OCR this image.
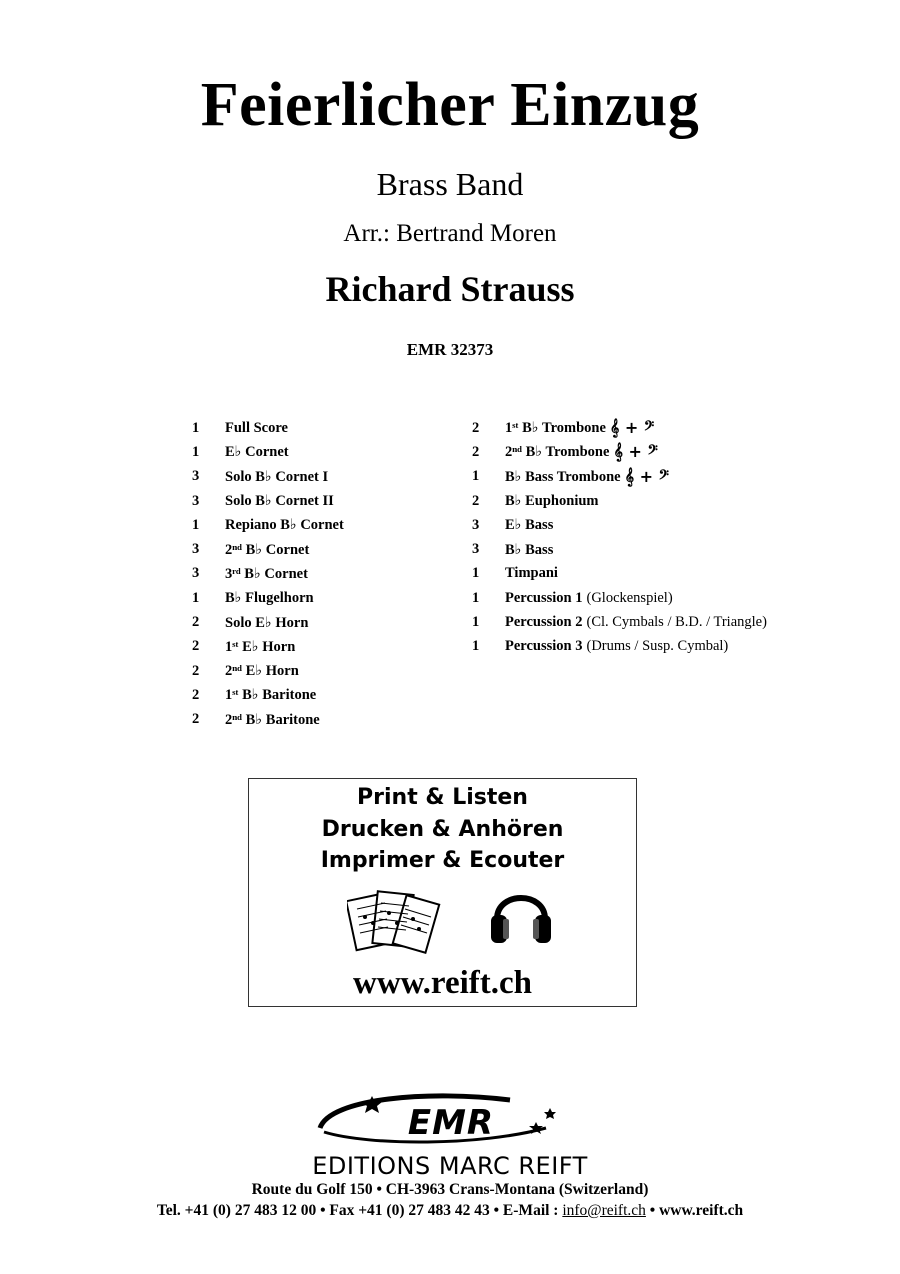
Feierlicher Einzug
Brass Band
Arr.: Bertrand Moren
Richard Strauss
EMR 32373
1	Full Score
1	E♭ Cornet
3	Solo B♭ Cornet I
3	Solo B♭ Cornet II
1	Repiano B♭ Cornet
3	2ⁿᵈ B♭ Cornet
3	3ʳᵈ B♭ Cornet
1	B♭ Flugelhorn
2	Solo E♭ Horn
2	1ˢᵗ E♭ Horn
2	2ⁿᵈ E♭ Horn
2	1ˢᵗ B♭ Baritone
2	2ⁿᵈ B♭ Baritone
2	1ˢᵗ B♭ Trombone 𝄞 + 𝄢
2	2ⁿᵈ B♭ Trombone 𝄞 + 𝄢
1	B♭ Bass Trombone 𝄞 + 𝄢
2	B♭ Euphonium
3	E♭ Bass
3	B♭ Bass
1	Timpani
1	Percussion 1 (Glockenspiel)
1	Percussion 2 (Cl. Cymbals / B.D. / Triangle)
1	Percussion 3 (Drums / Susp. Cymbal)
Print & Listen
Drucken & Anhören
Imprimer & Ecouter
www.reift.ch
EMR
EDITIONS MARC REIFT
Route du Golf 150 • CH-3963 Crans-Montana (Switzerland)
Tel. +41 (0) 27 483 12 00 • Fax +41 (0) 27 483 42 43 • E-Mail : info@reift.ch • www.reift.ch
